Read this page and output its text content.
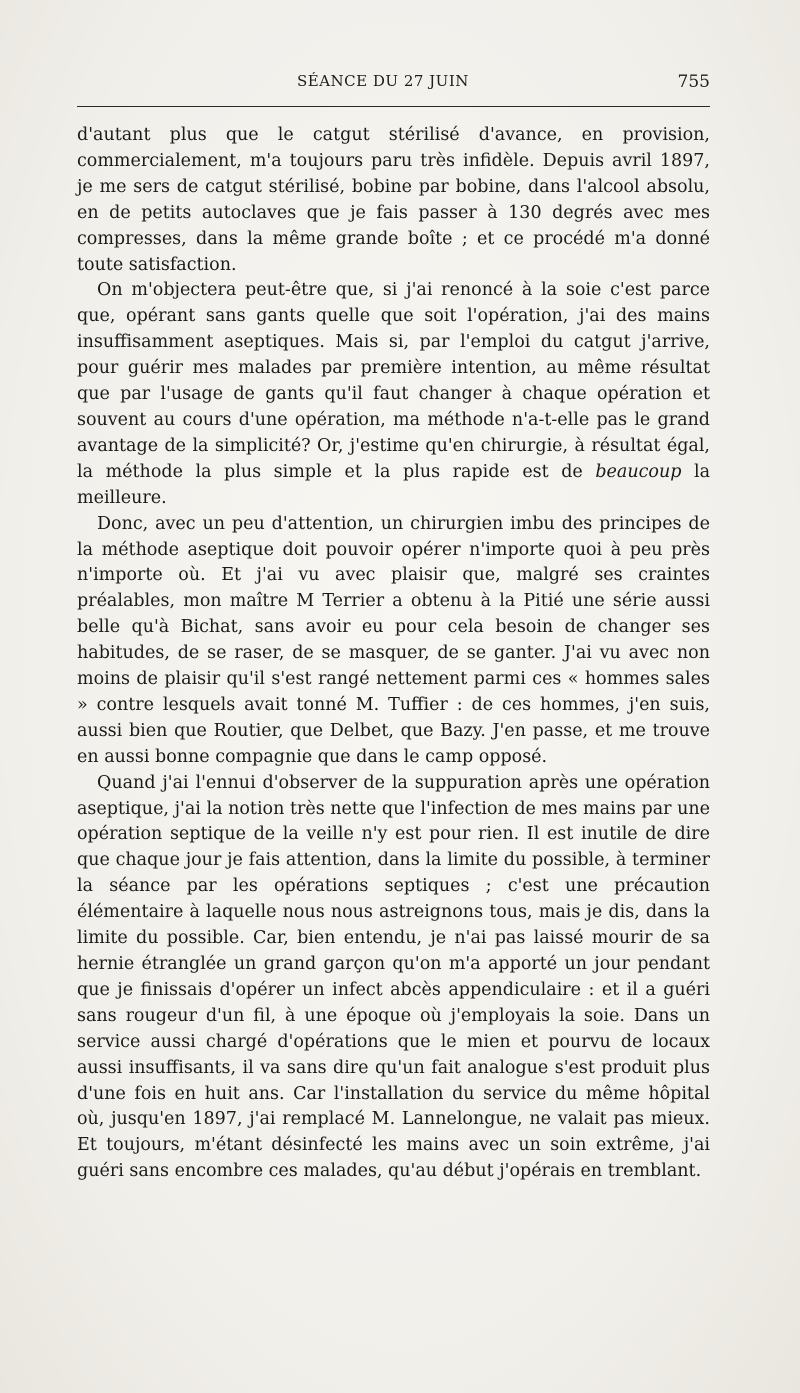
SÉANCE DU 27 JUIN	755

d'autant plus que le catgut stérilisé d'avance, en provision, commercialement, m'a toujours paru très infidèle. Depuis avril 1897, je me sers de catgut stérilisé, bobine par bobine, dans l'alcool absolu, en de petits autoclaves que je fais passer à 130 degrés avec mes compresses, dans la même grande boîte ; et ce procédé m'a donné toute satisfaction.

On m'objectera peut-être que, si j'ai renoncé à la soie c'est parce que, opérant sans gants quelle que soit l'opération, j'ai des mains insuffisamment aseptiques. Mais si, par l'emploi du catgut j'arrive, pour guérir mes malades par première intention, au même résultat que par l'usage de gants qu'il faut changer à chaque opération et souvent au cours d'une opération, ma méthode n'a-t-elle pas le grand avantage de la simplicité? Or, j'estime qu'en chirurgie, à résultat égal, la méthode la plus simple et la plus rapide est de beaucoup la meilleure.

Donc, avec un peu d'attention, un chirurgien imbu des principes de la méthode aseptique doit pouvoir opérer n'importe quoi à peu près n'importe où. Et j'ai vu avec plaisir que, malgré ses craintes préalables, mon maître M Terrier a obtenu à la Pitié une série aussi belle qu'à Bichat, sans avoir eu pour cela besoin de changer ses habitudes, de se raser, de se masquer, de se ganter. J'ai vu avec non moins de plaisir qu'il s'est rangé nettement parmi ces « hommes sales » contre lesquels avait tonné M. Tuffier : de ces hommes, j'en suis, aussi bien que Routier, que Delbet, que Bazy. J'en passe, et me trouve en aussi bonne compagnie que dans le camp opposé.

Quand j'ai l'ennui d'observer de la suppuration après une opération aseptique, j'ai la notion très nette que l'infection de mes mains par une opération septique de la veille n'y est pour rien. Il est inutile de dire que chaque jour je fais attention, dans la limite du possible, à terminer la séance par les opérations septiques ; c'est une précaution élémentaire à laquelle nous nous astreignons tous, mais je dis, dans la limite du possible. Car, bien entendu, je n'ai pas laissé mourir de sa hernie étranglée un grand garçon qu'on m'a apporté un jour pendant que je finissais d'opérer un infect abcès appendiculaire : et il a guéri sans rougeur d'un fil, à une époque où j'employais la soie. Dans un service aussi chargé d'opérations que le mien et pourvu de locaux aussi insuffisants, il va sans dire qu'un fait analogue s'est produit plus d'une fois en huit ans. Car l'installation du service du même hôpital où, jusqu'en 1897, j'ai remplacé M. Lannelongue, ne valait pas mieux. Et toujours, m'étant désinfecté les mains avec un soin extrême, j'ai guéri sans encombre ces malades, qu'au début j'opérais en tremblant.
